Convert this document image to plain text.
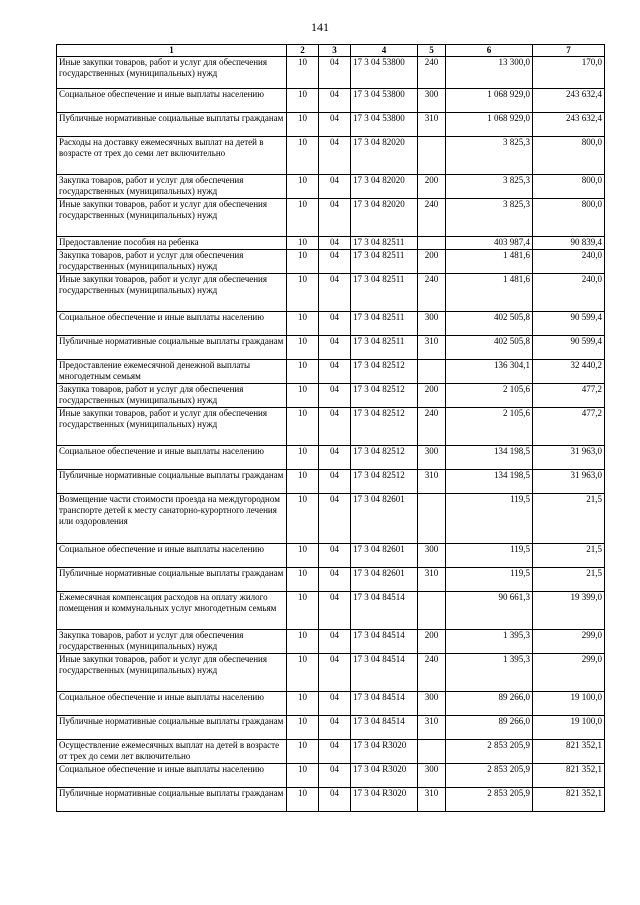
141
1	2	3	4	5	6	7
Иные закупки товаров, работ и услуг для обеспечения государственных (муниципальных) нужд	10	04	17 3 04 53800	240	13 300,0	170,0
Социальное обеспечение и иные выплаты населению	10	04	17 3 04 53800	300	1 068 929,0	243 632,4
Публичные нормативные социальные выплаты гражданам	10	04	17 3 04 53800	310	1 068 929,0	243 632,4
Расходы на доставку ежемесячных выплат на детей в возрасте от трех до семи лет включительно	10	04	17 3 04 82020		3 825,3	800,0
Закупка товаров, работ и услуг для обеспечения государственных (муниципальных) нужд	10	04	17 3 04 82020	200	3 825,3	800,0
Иные закупки товаров, работ и услуг для обеспечения государственных (муниципальных) нужд	10	04	17 3 04 82020	240	3 825,3	800,0
Предоставление пособия на ребенка	10	04	17 3 04 82511		403 987,4	90 839,4
Закупка товаров, работ и услуг для обеспечения государственных (муниципальных) нужд	10	04	17 3 04 82511	200	1 481,6	240,0
Иные закупки товаров, работ и услуг для обеспечения государственных (муниципальных) нужд	10	04	17 3 04 82511	240	1 481,6	240,0
Социальное обеспечение и иные выплаты населению	10	04	17 3 04 82511	300	402 505,8	90 599,4
Публичные нормативные социальные выплаты гражданам	10	04	17 3 04 82511	310	402 505,8	90 599,4
Предоставление ежемесячной денежной выплаты многодетным семьям	10	04	17 3 04 82512		136 304,1	32 440,2
Закупка товаров, работ и услуг для обеспечения государственных (муниципальных) нужд	10	04	17 3 04 82512	200	2 105,6	477,2
Иные закупки товаров, работ и услуг для обеспечения государственных (муниципальных) нужд	10	04	17 3 04 82512	240	2 105,6	477,2
Социальное обеспечение и иные выплаты населению	10	04	17 3 04 82512	300	134 198,5	31 963,0
Публичные нормативные социальные выплаты гражданам	10	04	17 3 04 82512	310	134 198,5	31 963,0
Возмещение части стоимости проезда на междугородном транспорте детей к месту санаторно-курортного лечения или оздоровления	10	04	17 3 04 82601		119,5	21,5
Социальное обеспечение и иные выплаты населению	10	04	17 3 04 82601	300	119,5	21,5
Публичные нормативные социальные выплаты гражданам	10	04	17 3 04 82601	310	119,5	21,5
Ежемесячная компенсация расходов на оплату жилого помещения и коммунальных услуг многодетным семьям	10	04	17 3 04 84514		90 661,3	19 399,0
Закупка товаров, работ и услуг для обеспечения государственных (муниципальных) нужд	10	04	17 3 04 84514	200	1 395,3	299,0
Иные закупки товаров, работ и услуг для обеспечения государственных (муниципальных) нужд	10	04	17 3 04 84514	240	1 395,3	299,0
Социальное обеспечение и иные выплаты населению	10	04	17 3 04 84514	300	89 266,0	19 100,0
Публичные нормативные социальные выплаты гражданам	10	04	17 3 04 84514	310	89 266,0	19 100,0
Осуществление ежемесячных выплат на детей в возрасте от трех до семи лет включительно	10	04	17 3 04 R3020		2 853 205,9	821 352,1
Социальное обеспечение и иные выплаты населению	10	04	17 3 04 R3020	300	2 853 205,9	821 352,1
Публичные нормативные социальные выплаты гражданам	10	04	17 3 04 R3020	310	2 853 205,9	821 352,1
